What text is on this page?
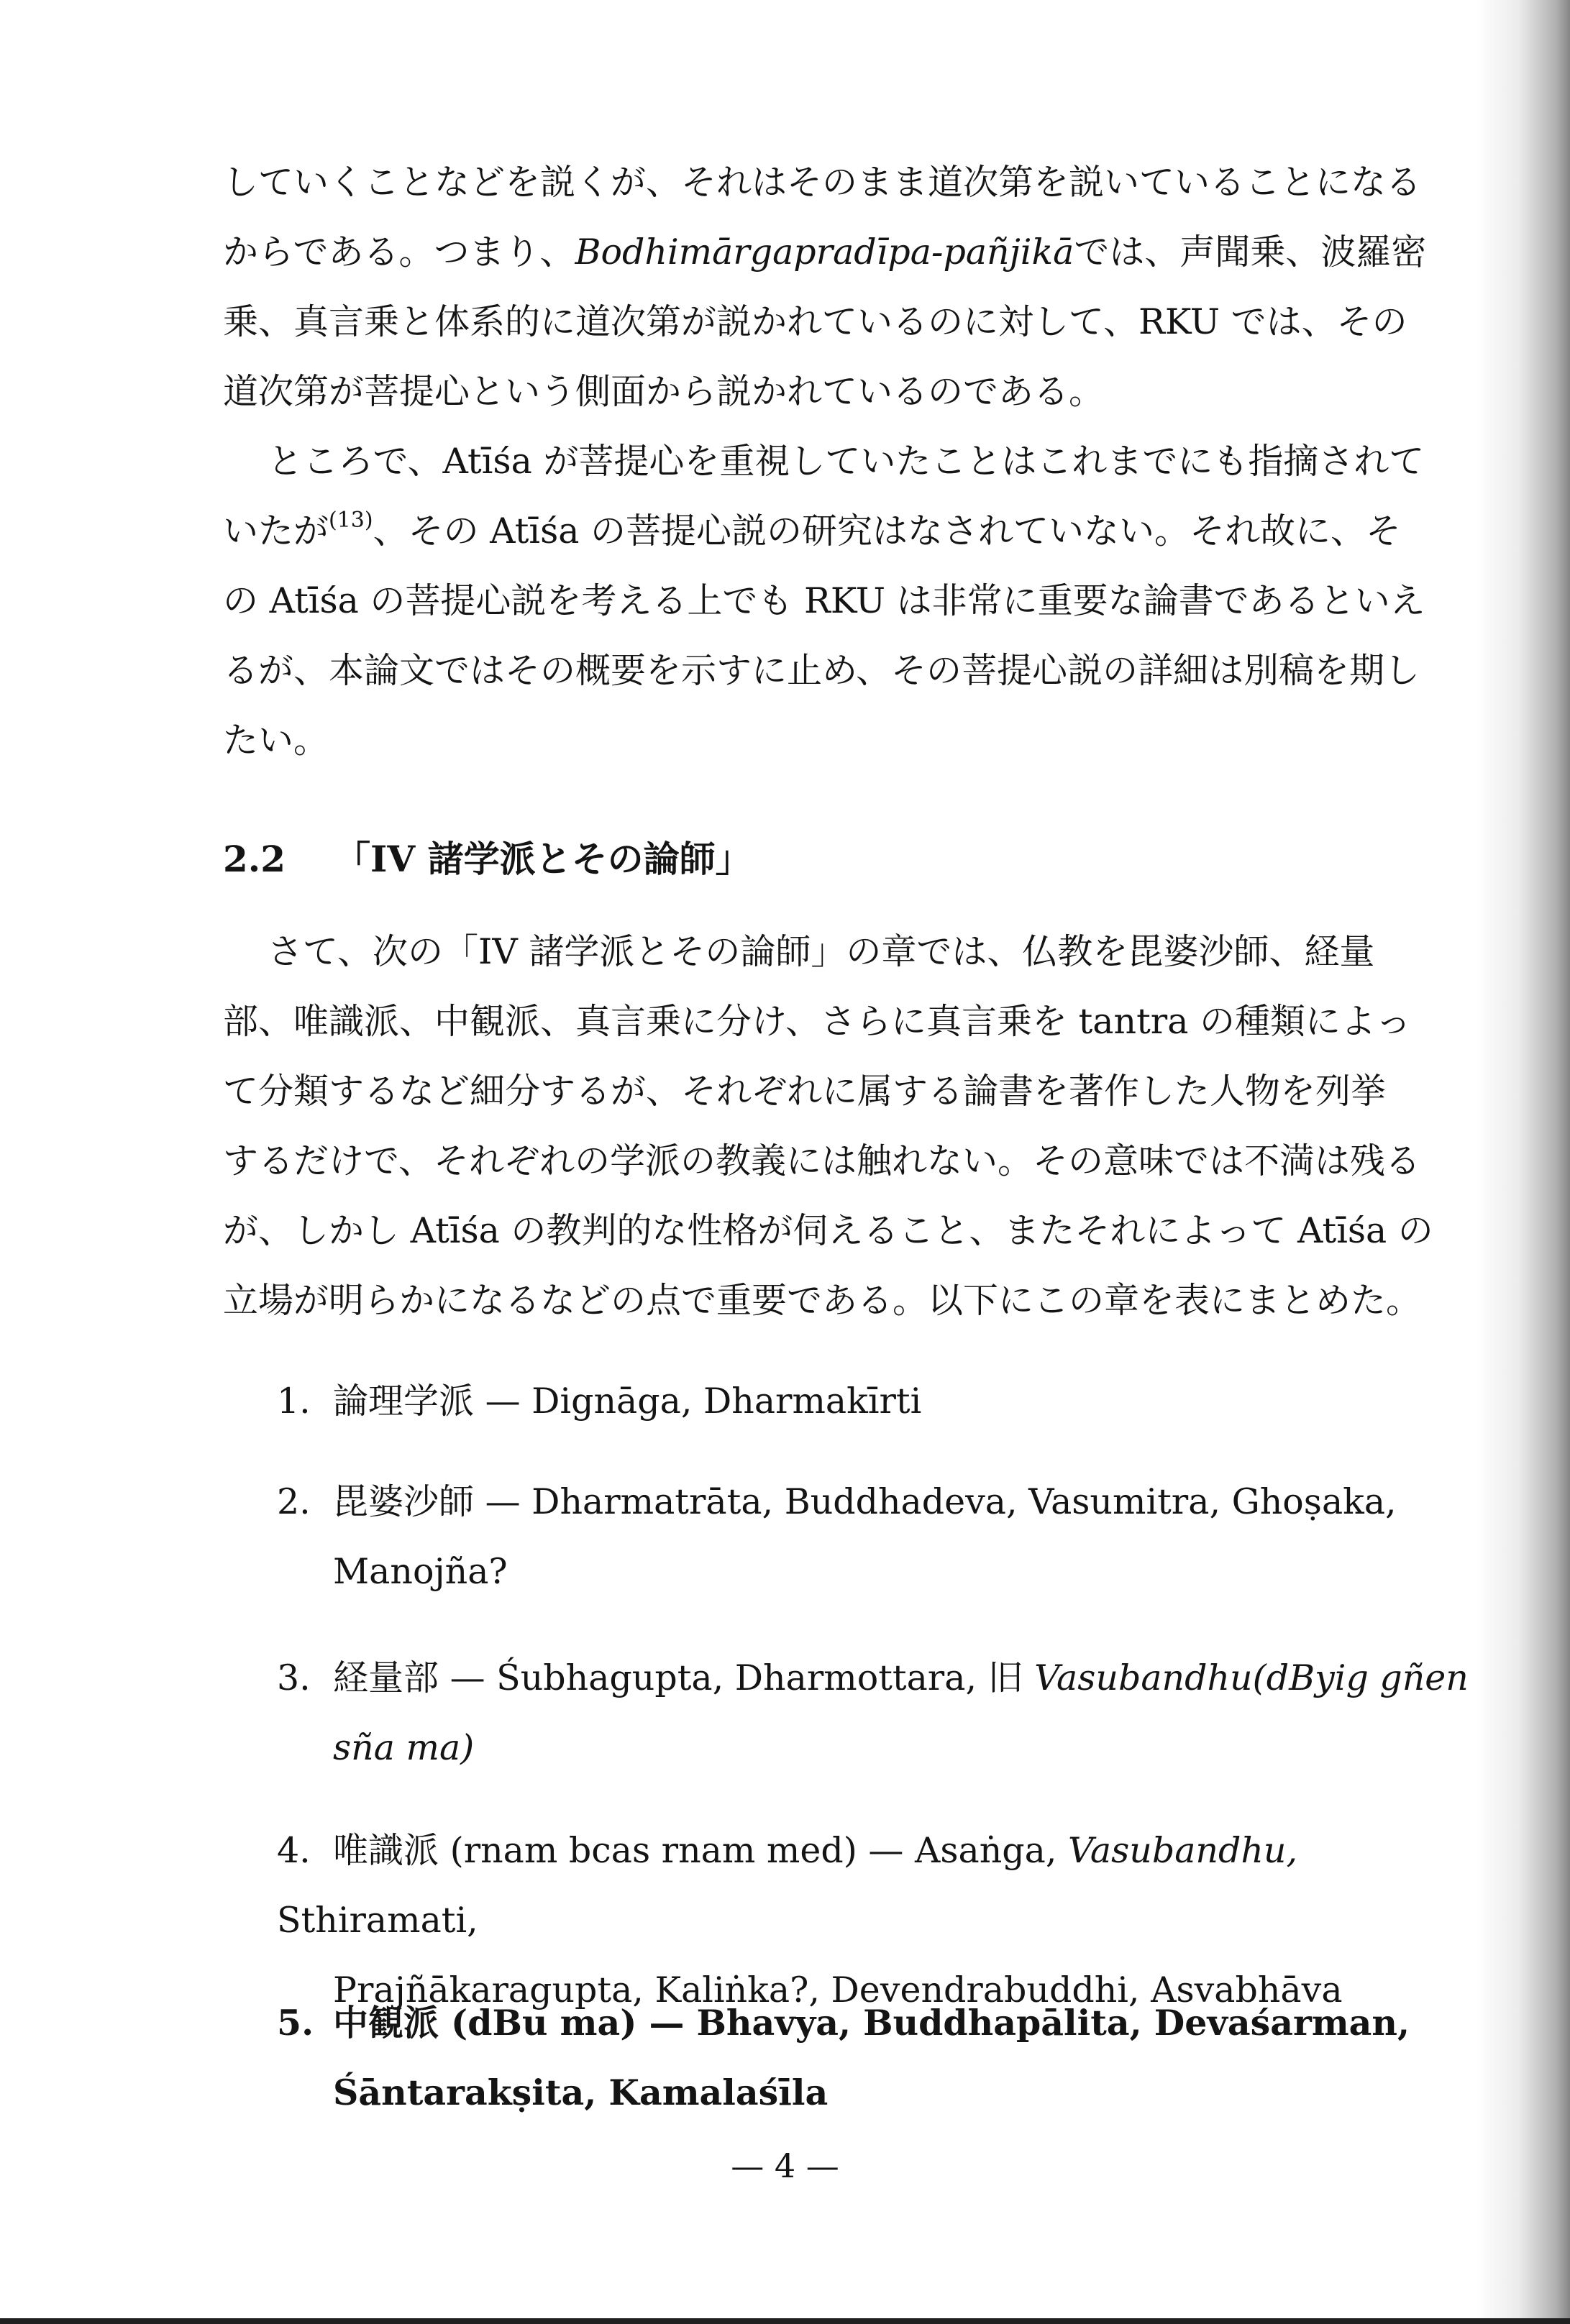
していくことなどを説くが、それはそのまま道次第を説いていることになる
からである。つまり、Bodhimārgapradīpa-pañjikāでは、声聞乗、波羅密
乗、真言乗と体系的に道次第が説かれているのに対して、RKU では、その
道次第が菩提心という側面から説かれているのである。
ところで、Atīśa が菩提心を重視していたことはこれまでにも指摘されて
いたが$^{(13)}$、その Atīśa の菩提心説の研究はなされていない。それ故に、そ
の Atīśa の菩提心説を考える上でも RKU は非常に重要な論書であるといえ
るが、本論文ではその概要を示すに止め、その菩提心説の詳細は別稿を期し
たい。
2.2 「IV 諸学派とその論師」
さて、次の「IV 諸学派とその論師」の章では、仏教を毘婆沙師、経量
部、唯識派、中観派、真言乗に分け、さらに真言乗を tantra の種類によっ
て分類するなど細分するが、それぞれに属する論書を著作した人物を列挙
するだけで、それぞれの学派の教義には触れない。その意味では不満は残る
が、しかし Atīśa の教判的な性格が伺えること、またそれによって Atīśa の
立場が明らかになるなどの点で重要である。以下にこの章を表にまとめた。
1. 論理学派 — Dignāga, Dharmakīrti
2. 毘婆沙師 — Dharmatrāta, Buddhadeva, Vasumitra, Ghoṣaka,
Manojña?
3. 経量部 — Śubhagupta, Dharmottara, 旧 Vasubandhu(dByig gñen
sña ma)
4. 唯識派 (rnam bcas rnam med) — Asaṅga, Vasubandhu, Sthiramati,
Prajñākaragupta, Kaliṅka?, Devendrabuddhi, Asvabhāva
5. 中観派 (dBu ma) — Bhavya, Buddhapālita, Devaśarman,
Śāntarakṣita, Kamalaśīla
— 4 —
